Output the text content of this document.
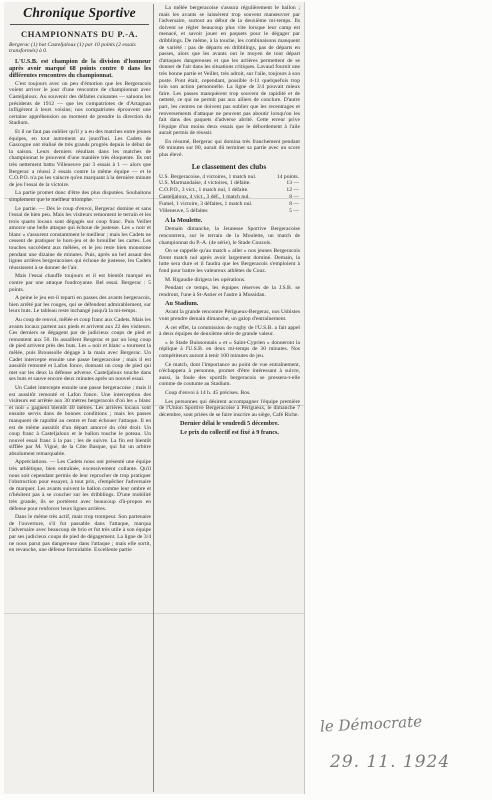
Chronique Sportive
CHAMPIONNATS DU P.-A.
Bergerac (1) bat Casteljaloux (1) par 10 points (2 essais transformés) à 0.

L'U.S.B. est champion de la division d'honneur après avoir marqué 68 points contre 0 dans les différentes rencontres du championnat.

C'est toujours avec un peu d'émotion que les Bergeracois voient arriver le jour d'une rencontre de championnat avec Casteljaloux. Au souvenir des défaites cuisantes — saluons les présidents de 1912 — que les compatriotes de d'Artagnan infligèrent à leurs voisins; nos compatriotes éprouvent une certaine appréhension au moment de prendre la direction du Stadium.

Et il ne faut pas oublier qu'il y a eu des matches entre jeunes équipes, en tout autrement au jourd'hui. Les Cadets de Gascogne ont réalisé de très grands progrès depuis le début de la saison. Leurs derniers résultats dans les matches de championnat le prouvent d'une manière très éloquente. Ils ont très nettement battu Villeneuve par 3 essais à 1 — alors que Bergerac a réussi 2 essais contre la même équipe — et le C.O.P.O. n'a pu les vaincre qu'en marquant à la dernière minute de jeu l'essai de la victoire.

La partie promet donc d'être des plus disputées. Souhaitons simplement que le meilleur triomphe.

Le partie. — Dès le coup d'envoi, Bergerac domine et sans l'essai de bien peu. Mais les visiteurs remontent le terrain et les trois quarts locaux sont dégagés sur coup franc. Puis Veillet amorce une belle attaque qui échoue de justesse. Les « noir et blanc » s'assurent constamment le meilleur ; mais les Cadets ne cessent de pratiquer le hors-jeu et de brouiller les cartes. Les touches succèdent aux mêlées, et le jeu reste bien monotone pendant une dizaine de minutes. Puis, après un bel assaut des lignes arrières bergeracoises qui échoue de justesse, les Cadets réussissent à se donner de l'air.

Mais l'essai chauffe toujours et il est bientôt marqué en contre par une attaque foudroyante. Bel essai. Bergerac : 5 points.

A peine le jeu est-il reparti en passes des avants bergeracois, bien arrêté par les rouges, qui se défendent admirablement, sur leurs buts. Le tableau reste inchangé jusqu'à la mi-temps.

Au coup de renvoi, mêlée et coup franc aux Cadets. Mais les avants locaux partent aux pieds et arrivent aux 22 des visiteurs. Ces derniers se dégagent par de judicieux coups de pied et remontent aux 50. Ils assaillent Bergerac et par un long coup de pied arrivent près des buts. Les « noir et blanc » tournent la mêlée, puis Broussolle dégage à la main avec Bergerac. Un Cadet intercepte ensuite une passe bergeracoise ; mais il est aussitôt remonté et Lafon fonce, donnant un coup de pied qui met sur les deux la défense adverse. Casteljaloux touche dans ses buts et sauve encore deux minutes après un nouvel essai.

Un Cadet intercepte ensuite une passe bergeracoise ; mais il est aussitôt remonté et Lafon fonce. Une interception des visiteurs est arrêtée aux 30 mètres bergeracois d'où les « blanc et noir » gagnent bientôt 40 mètres. Les arrières locaux sont ensuite servis dans de bonnes conditions ; mais les passes manquent de rapidité au centre et font échouer l'attaque. Il en est de même aussitôt d'un départ amorcé du côté droit. Un coup franc à Casteljaloux et le ballon touche le poteau. Un nouvel essai franc à la pas ; les de suivre. La fin est bientôt sifflée par M. Vigné, de la Côte Basque, qui fut un arbitre absolument remarquable.

Appréciations. — Les Cadets nous ont présenté une équipe très athlétique, bien entraînée, excessivement collante. Qu'il nous soit cependant permis de leur reprocher de trop pratiquer l'obstruction pour essayer, à tout prix, d'empêcher l'adversaire de marquer. Les avants suivent le ballon comme leur ombre et n'hésitent pas à se coucher sur les dribblings. D'une mobilité très grande, ils se portèrent avec beaucoup d'à-propos en défense pour renforcer leurs lignes arrières.

Dans le même très actif, mais trop trompeur. Son partenaire de l'ouverture, s'il fut passable dans l'attaque, marqua l'adversaire avec beaucoup de brio et fut très utile à son équipe par ses judicieux coups de pied de dégagement. La ligne de 3/4 ne nous parut pas dangereuse dans l'attaque ; mais elle sortit, en revanche, une défense formidable. Excellente partie

La mêlée bergeracoise s'assura régulièrement le ballon ; mais les avants se laissèrent trop souvent manœuvrer par l'adversaire, surtout au début de la deuxième mi-temps. Ils doivent se régler beaucoup plus vite lorsque leur camp est menacé, et savoir jouer en paquets pour le dégager par dribblings. De même, à la touche, les combinaisons manquent de variété : pas de départs en dribblings, pas de départs en passes, alors que les avants ont le moyen de tout départ d'attaques dangereuses et que les arrières permettent de se donner de l'air dans les situations critiques. Lavaud fournit une très bonne partie et Veillet, très adroit, sur l'aile, toujours à son poste. Pont était, cependant, possible 4-11 quelquefois trop loin son action personnelle. La ligne de 3/4 pouvait mieux faire. Les passes manquèrent trop souvent de rapidité et de netteté, ce qui ne permit pas aux ailiers de conclure. D'autre part, les centres ne doivent pas oublier que les recentrages et renversements d'attaque ne peuvent pas aboutir lorsqu'on les fait dans des paquets d'adverse abrité. Cette erreur prive l'équipe d'un moins deux essais que le débordement à l'aile aurait permis de réussir.

En résumé, Bergerac qui domina très franchement pendant 60 minutes sur 80, aurait dû terminer sa partie avec un score plus élevé.

Le classement des clubs
U.S. Bergeracoise, 4 victoires, 1 match nul.	14 points.
U.S. Marmandaise, 4 victoires, 1 défaite.	13 —
C.O.P.O., 3 vict., 1 match nul, 1 défaite.	12 —
Casteljaloux, 4 vict., 3 déf., 1 match nul.	8 —
Fumel, 1 victoire, 3 défaites, 1 match nul.	8 —
Villeneuve, 5 défaites	5 —

A la Moulette.

Demain dimanche, la Jeunesse Sportive Bergeracoise rencontrera, sur le terrain de la Moulette, un match de championnat du P.-A. (4e série), le Stade Couzois.

On se rappelle qu'au match « aller » nos jeunes Bergeracois firent match nul après avoir largement dominé. Demain, la lutte sera dure et il faudra que les Bergeracois s'emploient à fond pour battre les valeureux athlètes du Couz.

M. Rigaudie dirigera les opérations.

Pendant ce temps, les équipes réserves de la J.S.B. se rendront, l'une à St-Astier et l'autre à Mussidan.

Au Stadium.

Avant la grande rencontre Périgueux-Bergerac, nos Usbistes vont prendre demain dimanche, un galop d'entraînement.

A cet effet, la commission de rugby de l'U.S.B. a fait appel à deux équipes de deuxième série de grande valeur.

« le Stade Buissonnais » et « Saint-Cyprien » donneront la réplique à l'U.S.B. en deux mi-temps de 30 minutes. Nos compétiteurs auront à tenir 100 minutes de jeu.

Ce match, dont l'importance au point de vue entraînement, n'échappera à personne, promet d'être intéressant à suivre, aussi, la foule des sportifs bergeracois se pressera-t-elle comme de coutume au Stadium.

Coup d'envoi à 14 h. 45 précises. Bos.

Les personnes qui désirent accompagner l'équipe première de l'Union Sportive Bergeracoise à Périgueux, le dimanche 7 décembre, sont priées de se faire inscrire au siège, Café Riche.

Dernier délai le vendredi 5 décembre.

Le prix du collectif est fixé à 9 francs.

le Démocrate
29. 11. 1924
